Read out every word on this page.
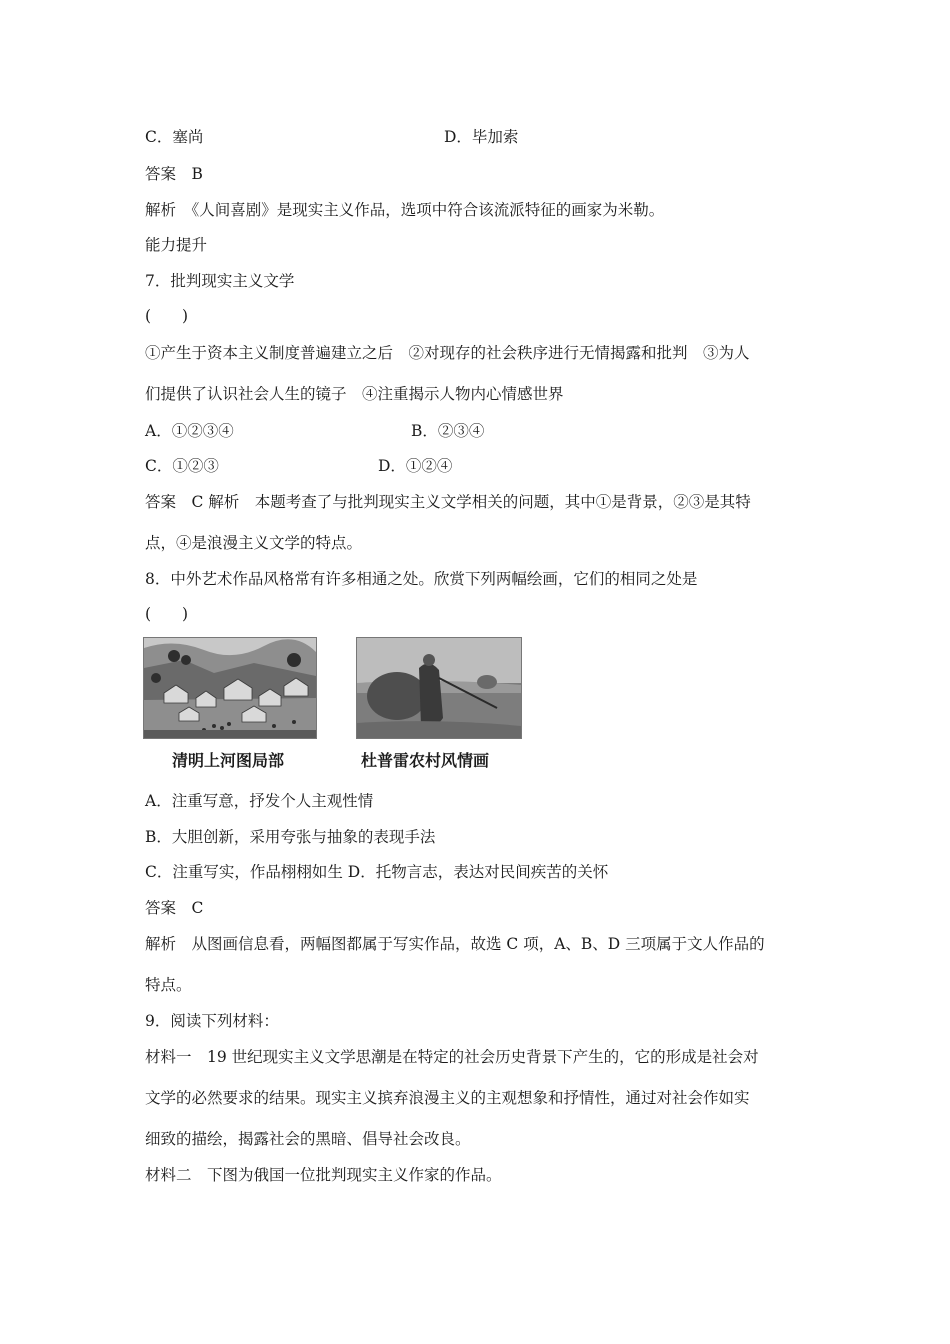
C．塞尚	D．毕加索
答案　B
解析　《人间喜剧》是现实主义作品，选项中符合该流派特征的画家为米勒。
能力提升
7．批判现实主义文学
(　　)
①产生于资本主义制度普遍建立之后　②对现存的社会秩序进行无情揭露和批判　③为人
们提供了认识社会人生的镜子　④注重揭示人物内心情感世界
A．①②③④	B．②③④
C．①②③	D．①②④
答案　C 解析　本题考查了与批判现实主义文学相关的问题，其中①是背景，②③是其特
点，④是浪漫主义文学的特点。
8．中外艺术作品风格常有许多相通之处。欣赏下列两幅绘画，它们的相同之处是
(　　)
清明上河图局部	杜普雷农村风情画
A．注重写意，抒发个人主观性情
B．大胆创新，采用夸张与抽象的表现手法
C．注重写实，作品栩栩如生 D．托物言志，表达对民间疾苦的关怀
答案　C
解析　从图画信息看，两幅图都属于写实作品，故选 C 项，A、B、D 三项属于文人作品的
特点。
9．阅读下列材料：
材料一　19 世纪现实主义文学思潮是在特定的社会历史背景下产生的，它的形成是社会对
文学的必然要求的结果。现实主义摈弃浪漫主义的主观想象和抒情性，通过对社会作如实
细致的描绘，揭露社会的黑暗、倡导社会改良。
材料二　下图为俄国一位批判现实主义作家的作品。
